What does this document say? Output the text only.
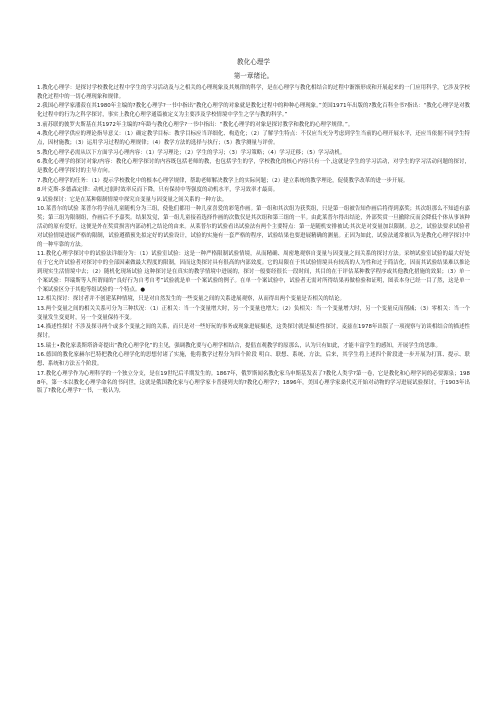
教化心理学
第一章绪论。

1.教化心理学：是探讨学校教化过程中学生的学习活动及与之相关的心理现象及其规律的科学，是在心理学与教化相结合的过程中渐渐形成和开展起来的一门应用科学，它涉及学校教化过程中的一切心理现象和规律。

2.我国心理学家潘菽在其1980年主编的?教化心理学?一书中指出“教化心理学的对象就是教化过程中的种种心理现象。”美国1971年出版的?教化百科全书?指出：“教化心理学是对教化过程中的行为之科学探讨，事实上教化心理学通篇被定义为主要涉及学校情境中学生之学与教的科学。”

3.前苏联的彼罗夫斯基在其1972年主编的?年龄与教化心理学?一书中指出：“教化心理学的对象是探讨教学和教化的心理学规律。”。

4.教化心理学供应的理论指导意义：（1）确定教学目标：教学目标应当详细化、构造化；（2）了解学生特点：不仅应当充分考虑到学生当前的心理开展水平，还应当依据不同学生特点，因材施教；（3）运用学习过程的心理规律；（4）教学方法的选择与执行；（5）教学测量与评价。

5.教化心理学必需从以下方面学习心理内容：（1）学习理论；（2）学生的学习；（3）学习策略；（4）学习迁移；（5）学习动机。

6.教化心理学的探讨对象/内容：教化心理学探讨的内容既包括老师的教，也包括学生的学，学校教化的核心内容只有一个,这就是学生的学习活动，对学生的学习活动问题的探讨，是教化心理学探讨的主导方向。

7.教化心理学的任务：（1）提示学校教化中的根本心理学规律，帮助老师解决教学上的实际问题；（2）建立系统的教学理论，促使教学改革的进一步开展。

8.叶克斯-多德森定律：动机过弱时效率反而下降，只有保持中等强度的动机水平，学习效率才最高。

9.试验探讨：它是在某种限制情境中探究自变量与因变量之间关系的一种方法。

10.莱普尔的试验 莱普尔将学前儿童随机分为三组，使他们都用一种儿童喜爱的彩笔作画。第一组和其次组为获奖组，只是第一组被告知作画后将得到嘉奖；其次组那么不知道有嘉奖；第三组为限制组，作画后不予嘉奖。结果发觉，第一组儿童接着选择作画的次数仅是其次组和第三组的一半。由此莱普尔得出结论，外部奖赏一旦撤除反而会降低个体从事该种活动的原有爱好。这便是外在奖赏损害内部动机之结论的由来。从莱普尔的试验看出试验法有两个主要特点：第一是随机安排被试;其次是对变量加以限制。总之，试验法要求试验者对试验情境进展严格的限制，试验遵循预先拟定好的试验设计，试验的实施有一套严格的程序，试验结果也要进展精确的测量。正因为如此，试验法通常被认为是教化心理学探讨中的一种牢靠的方法。

11.教化心理学探讨中的试验法详细分为：（1）试验室试验：这是一种严格限制试验情境，从而精确、周密地观察自变量与因变量之间关系的探讨方法。采纳试验室试验的最大好处在于它允许试验者对探讨中的全部因素做最大程度的限制，因而这类探讨具有很高的内部效度。它的局限在于其试验情境具有较高的人为性和过于简洁化，因而其试验结果难以推论到现实生活情境中去；（2）随机化现场试验 这种探讨是在真实的教学情境中进展的，探讨一般要经很长一段时间，其目的在于评估某种教学程序或其他教化措施的效果；（3）单一个案试验：拜瑞斯等人所谓闻的“良好行为自考自考”试验就是单一个案试验的例子。在单一个案试验中，试验者无需对所得结果再做检验和证明，图表本身已经一目了然，这是单一个案试验区分于其他等组试验的一个特点。●

12.相关探讨：探讨者并不创建某种情境，只是对自然发生的一些变量之间的关系进展观察，从而得出两个变量是否相关的结论。

13.两个变量之间的相关关系可分为三种状况：（1）正相关：当一个变量增大时，另一个变量也增大；（2）负相关：当一个变量增大时，另一个变量反而削减；（3）零相关：当一个变量发生变更时，另一个变量保持不变。

14.描述性探讨 不涉及探寻两个或多个变量之间的关系，而只是对一些好玩的事务或现象进展描述，这类探讨就是描述性探讨，麦兹在1978年出版了一项视察与访谈相结合的描述性探讨。

15.瑞士•教化家裴斯塔洛奇提出“教化心理学化”的主见，强调教化要与心理学相结合，提倡直观教学的原那么，认为只有如此，才能丰富学生的感知，开展学生的思维。

16.德国的教化家赫尔巴特把教化心理学化的思想付诸了实施，他将教学过程分为四个阶段 明白、联想、系统、方法，后来，其学生将上述四个阶段进一步开展为打算、提示、联想、系统和方法五个阶段。

17.教化心理学作为心理科学的一个独立分支，是在19世纪后半期发生的。1867年，俄罗斯闻名教化家乌申斯基发表了?教化人类学?第一卷，它是教化和心理学问的必要源泉；1988年，第一本以教化心理学命名的书问世，这就是俄国教化家与心理学家卡普捷列夫的?教化心理学?；1896年，美国心理学家桑代克开始对动物的学习进展试验探讨，于1903年出版了?教化心理学?一书，一般认为,
